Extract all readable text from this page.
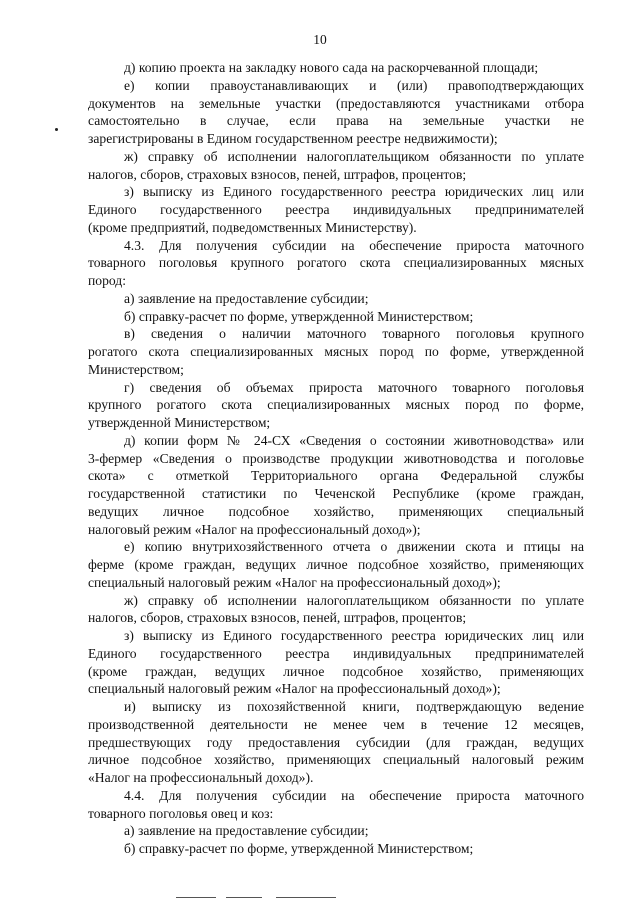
10
д) копию проекта на закладку нового сада на раскорчеванной площади;
е) копии правоустанавливающих и (или) правоподтверждающих
документов на земельные участки (предоставляются участниками отбора
самостоятельно в случае, если права на земельные участки не
зарегистрированы в Едином государственном реестре недвижимости);
ж) справку об исполнении налогоплательщиком обязанности по уплате
налогов, сборов, страховых взносов, пеней, штрафов, процентов;
з) выписку из Единого государственного реестра юридических лиц или
Единого государственного реестра индивидуальных предпринимателей
(кроме предприятий, подведомственных Министерству).
4.3. Для получения субсидии на обеспечение прироста маточного
товарного поголовья крупного рогатого скота специализированных мясных
пород:
а) заявление на предоставление субсидии;
б) справку-расчет по форме, утвержденной Министерством;
в) сведения о наличии маточного товарного поголовья крупного
рогатого скота специализированных мясных пород по форме, утвержденной
Министерством;
г) сведения об объемах прироста маточного товарного поголовья
крупного рогатого скота специализированных мясных пород по форме,
утвержденной Министерством;
д) копии форм № 24-СХ «Сведения о состоянии животноводства» или
3-фермер «Сведения о производстве продукции животноводства и поголовье
скота» с отметкой Территориального органа Федеральной службы
государственной статистики по Чеченской Республике (кроме граждан,
ведущих личное подсобное хозяйство, применяющих специальный
налоговый режим «Налог на профессиональный доход»);
е) копию внутрихозяйственного отчета о движении скота и птицы на
ферме (кроме граждан, ведущих личное подсобное хозяйство, применяющих
специальный налоговый режим «Налог на профессиональный доход»);
ж) справку об исполнении налогоплательщиком обязанности по уплате
налогов, сборов, страховых взносов, пеней, штрафов, процентов;
з) выписку из Единого государственного реестра юридических лиц или
Единого государственного реестра индивидуальных предпринимателей
(кроме граждан, ведущих личное подсобное хозяйство, применяющих
специальный налоговый режим «Налог на профессиональный доход»);
и) выписку из похозяйственной книги, подтверждающую ведение
производственной деятельности не менее чем в течение 12 месяцев,
предшествующих году предоставления субсидии (для граждан, ведущих
личное подсобное хозяйство, применяющих специальный налоговый режим
«Налог на профессиональный доход»).
4.4. Для получения субсидии на обеспечение прироста маточного
товарного поголовья овец и коз:
а) заявление на предоставление субсидии;
б) справку-расчет по форме, утвержденной Министерством;
